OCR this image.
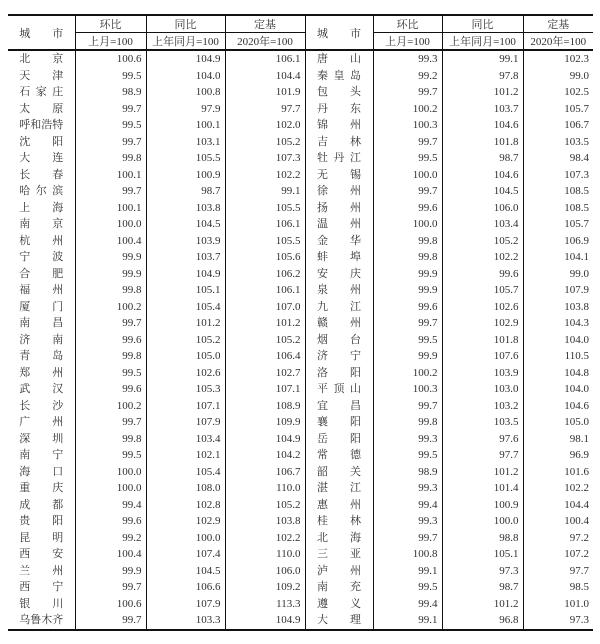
城市	环比	同比	定基	城市	环比	同比	定基
	上月=100	上年同月=100	2020年=100		上月=100	上年同月=100	2020年=100
北京	100.6	104.9	106.1	唐山	99.3	99.1	102.3
天津	99.5	104.0	104.4	秦皇岛	99.2	97.8	99.0
石家庄	98.9	100.8	101.9	包头	99.7	101.2	102.5
太原	99.7	97.9	97.7	丹东	100.2	103.7	105.7
呼和浩特	99.5	100.1	102.0	锦州	100.3	104.6	106.7
沈阳	99.7	103.1	105.2	吉林	99.7	101.8	103.5
大连	99.8	105.5	107.3	牡丹江	99.5	98.7	98.4
长春	100.1	100.9	102.2	无锡	100.0	104.6	107.3
哈尔滨	99.7	98.7	99.1	徐州	99.7	104.5	108.5
上海	100.1	103.8	105.5	扬州	99.6	106.0	108.5
南京	100.0	104.5	106.1	温州	100.0	103.4	105.7
杭州	100.4	103.9	105.5	金华	99.8	105.2	106.9
宁波	99.9	103.7	105.6	蚌埠	99.8	102.2	104.1
合肥	99.9	104.9	106.2	安庆	99.9	99.6	99.0
福州	99.8	105.1	106.1	泉州	99.9	105.7	107.9
厦门	100.2	105.4	107.0	九江	99.6	102.6	103.8
南昌	99.7	101.2	101.2	赣州	99.7	102.9	104.3
济南	99.6	105.2	105.2	烟台	99.5	101.8	104.0
青岛	99.8	105.0	106.4	济宁	99.9	107.6	110.5
郑州	99.5	102.6	102.7	洛阳	100.2	103.9	104.8
武汉	99.6	105.3	107.1	平顶山	100.3	103.0	104.0
长沙	100.2	107.1	108.9	宜昌	99.7	103.2	104.6
广州	99.7	107.9	109.9	襄阳	99.8	103.5	105.0
深圳	99.8	103.4	104.9	岳阳	99.3	97.6	98.1
南宁	99.5	102.1	104.2	常德	99.5	97.7	96.9
海口	100.0	105.4	106.7	韶关	98.9	101.2	101.6
重庆	100.0	108.0	110.0	湛江	99.3	101.4	102.2
成都	99.4	102.8	105.2	惠州	99.4	100.9	104.4
贵阳	99.6	102.9	103.8	桂林	99.3	100.0	100.4
昆明	99.2	100.0	102.2	北海	99.7	98.8	97.2
西安	100.4	107.4	110.0	三亚	100.8	105.1	107.2
兰州	99.9	104.5	106.0	泸州	99.1	97.3	97.7
西宁	99.7	106.6	109.2	南充	99.5	98.7	98.5
银川	100.6	107.9	113.3	遵义	99.4	101.2	101.0
乌鲁木齐	99.7	103.3	104.9	大理	99.1	96.8	97.3
